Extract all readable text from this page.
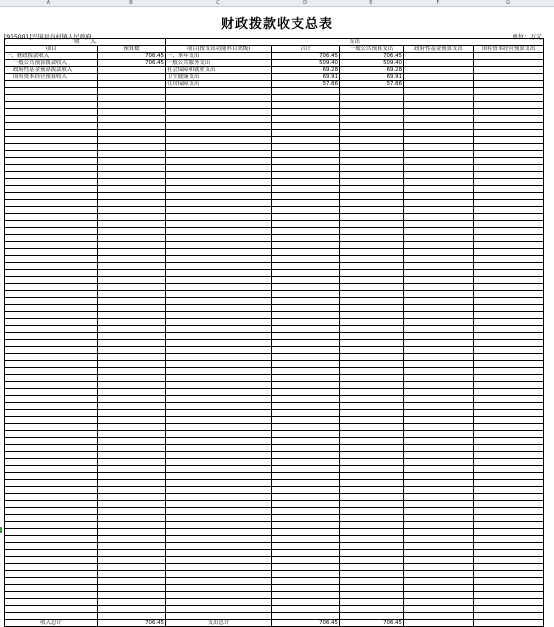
A	B	C	D	E	F	G
财政拨款收支总表
[915001]兴国县良村镇人民政府	单位：万元
收　　入		支出				
项目	预算数	项目(按支出功能科目类级)	合计	一般公共预算支出	政府性基金预算支出	国有资本经营预算支出
一、财政拨款收入	706.45	一、本年支出	706.45	706.45		
一般公共预算拨款收入	706.45	一般公共服务支出	509.40	509.40		
政府性基金预算拨款收入		社会保障和就业支出	69.28	69.28		
国有资本经营预算收入		卫生健康支出	69.91	69.91		
		住房保障支出	57.86	57.86		

收入总计	706.45	支出总计	706.45	706.45		
